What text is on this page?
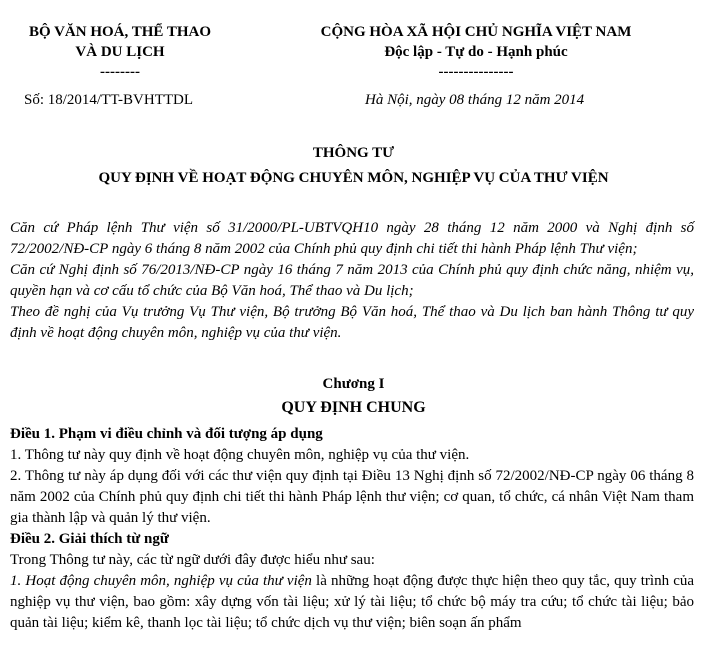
BỘ VĂN HOÁ, THỂ THAO
VÀ DU LỊCH
--------
CỘNG HÒA XÃ HỘI CHỦ NGHĨA VIỆT NAM
Độc lập - Tự do - Hạnh phúc
---------------
Số: 18/2014/TT-BVHTTDL	Hà Nội, ngày 08 tháng 12 năm 2014
THÔNG TƯ
QUY ĐỊNH VỀ HOẠT ĐỘNG CHUYÊN MÔN, NGHIỆP VỤ CỦA THƯ VIỆN

Căn cứ Pháp lệnh Thư viện số 31/2000/PL-UBTVQH10 ngày 28 tháng 12 năm 2000 và Nghị định số 72/2002/NĐ-CP ngày 6 tháng 8 năm 2002 của Chính phủ quy định chi tiết thi hành Pháp lệnh Thư viện;

Căn cứ Nghị định số 76/2013/NĐ-CP ngày 16 tháng 7 năm 2013 của Chính phủ quy định chức năng, nhiệm vụ, quyền hạn và cơ cấu tổ chức của Bộ Văn hoá, Thể thao và Du lịch;

Theo đề nghị của Vụ trưởng Vụ Thư viện, Bộ trưởng Bộ Văn hoá, Thể thao và Du lịch ban hành Thông tư quy định về hoạt động chuyên môn, nghiệp vụ của thư viện.

Chương I
QUY ĐỊNH CHUNG

Điều 1. Phạm vi điều chỉnh và đối tượng áp dụng

1. Thông tư này quy định về hoạt động chuyên môn, nghiệp vụ của thư viện.

2. Thông tư này áp dụng đối với các thư viện quy định tại Điều 13 Nghị định số 72/2002/NĐ-CP ngày 06 tháng 8 năm 2002 của Chính phủ quy định chi tiết thi hành Pháp lệnh thư viện; cơ quan, tổ chức, cá nhân Việt Nam tham gia thành lập và quản lý thư viện.

Điều 2. Giải thích từ ngữ

Trong Thông tư này, các từ ngữ dưới đây được hiểu như sau:

1. Hoạt động chuyên môn, nghiệp vụ của thư viện là những hoạt động được thực hiện theo quy tắc, quy trình của nghiệp vụ thư viện, bao gồm: xây dựng vốn tài liệu; xử lý tài liệu; tổ chức bộ máy tra cứu; tổ chức tài liệu; bảo quản tài liệu; kiểm kê, thanh lọc tài liệu; tổ chức dịch vụ thư viện; biên soạn ấn phẩm
